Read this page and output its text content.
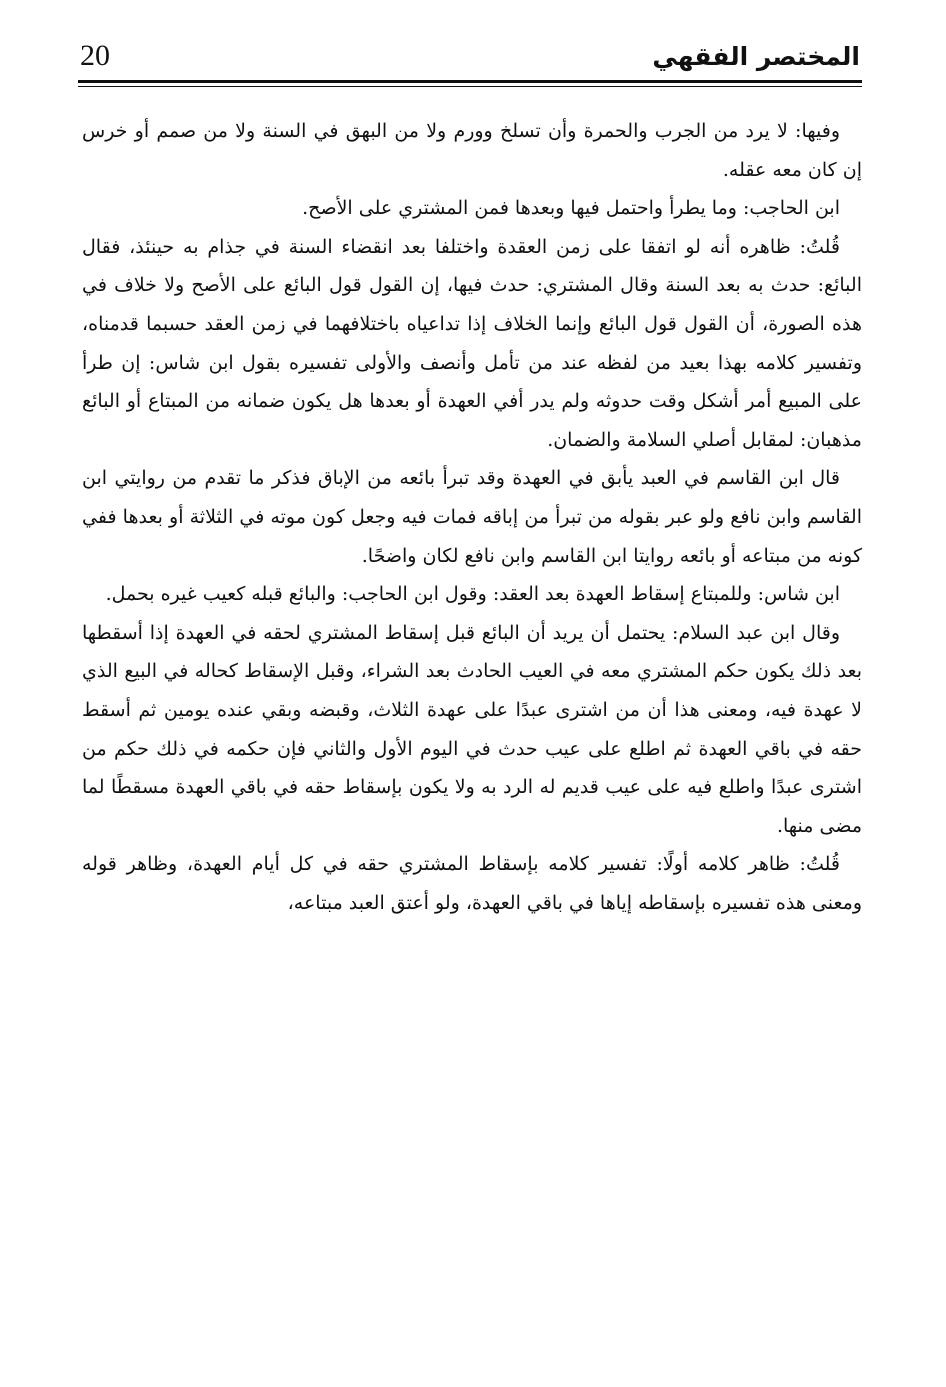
20	المختصر الفقهي

وفيها: لا يرد من الجرب والحمرة وأن تسلخ وورم ولا من البهق في السنة ولا من صمم أو خرس إن كان معه عقله.

ابن الحاجب: وما يطرأ واحتمل فيها وبعدها فمن المشتري على الأصح.

قُلتُ: ظاهره أنه لو اتفقا على زمن العقدة واختلفا بعد انقضاء السنة في جذام به حينئذ، فقال البائع: حدث به بعد السنة وقال المشتري: حدث فيها، إن القول قول البائع على الأصح ولا خلاف في هذه الصورة، أن القول قول البائع وإنما الخلاف إذا تداعياه باختلافهما في زمن العقد حسبما قدمناه، وتفسير كلامه بهذا بعيد من لفظه عند من تأمل وأنصف والأولى تفسيره بقول ابن شاس: إن طرأ على المبيع أمر أشكل وقت حدوثه ولم يدر أفي العهدة أو بعدها هل يكون ضمانه من المبتاع أو البائع مذهبان: لمقابل أصلي السلامة والضمان.

قال ابن القاسم في العبد يأبق في العهدة وقد تبرأ بائعه من الإباق فذكر ما تقدم من روايتي ابن القاسم وابن نافع ولو عبر بقوله من تبرأ من إباقه فمات فيه وجعل كون موته في الثلاثة أو بعدها ففي كونه من مبتاعه أو بائعه روايتا ابن القاسم وابن نافع لكان واضحًا.

ابن شاس: وللمبتاع إسقاط العهدة بعد العقد: وقول ابن الحاجب: والبائع قبله كعيب غيره بحمل.

وقال ابن عبد السلام: يحتمل أن يريد أن البائع قبل إسقاط المشتري لحقه في العهدة إذا أسقطها بعد ذلك يكون حكم المشتري معه في العيب الحادث بعد الشراء، وقبل الإسقاط كحاله في البيع الذي لا عهدة فيه، ومعنى هذا أن من اشترى عبدًا على عهدة الثلاث، وقبضه وبقي عنده يومين ثم أسقط حقه في باقي العهدة ثم اطلع على عيب حدث في اليوم الأول والثاني فإن حكمه في ذلك حكم من اشترى عبدًا واطلع فيه على عيب قديم له الرد به ولا يكون بإسقاط حقه في باقي العهدة مسقطًا لما مضى منها.

قُلتُ: ظاهر كلامه أولًا: تفسير كلامه بإسقاط المشتري حقه في كل أيام العهدة، وظاهر قوله ومعنى هذه تفسيره بإسقاطه إياها في باقي العهدة، ولو أعتق العبد مبتاعه،
